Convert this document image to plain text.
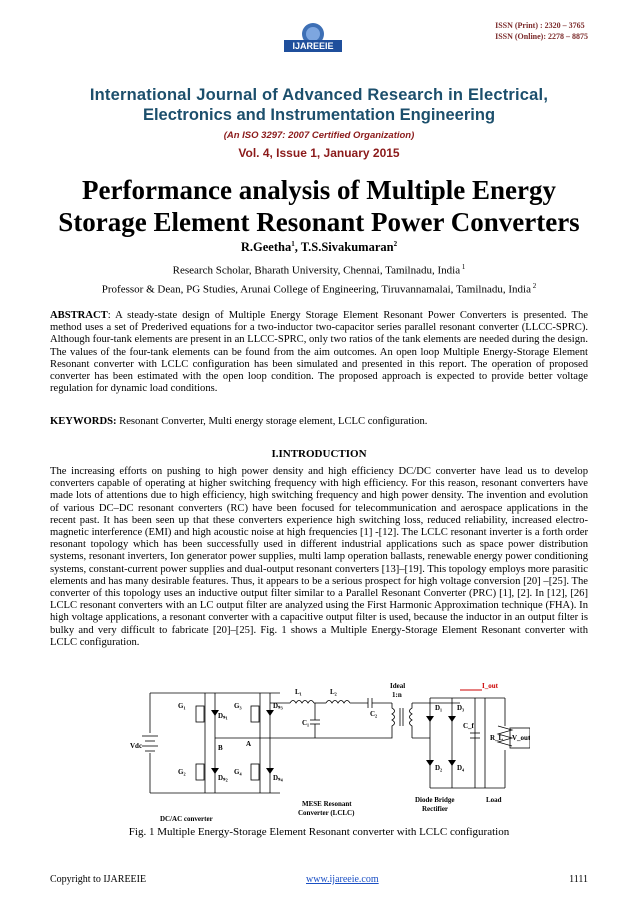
ISSN (Print) : 2320 – 3765
ISSN (Online): 2278 – 8875
IJAREEIE
International Journal of Advanced Research in Electrical,
Electronics and Instrumentation Engineering
(An ISO 3297: 2007 Certified Organization)
Vol. 4, Issue 1, January 2015
Performance analysis of Multiple Energy
Storage Element Resonant Power Converters
R.Geetha$^1$, T.S.Sivakumaran$^2$
Research Scholar, Bharath University, Chennai, Tamilnadu, India $^1$
Professor & Dean, PG Studies, Arunai College of Engineering, Tiruvannamalai, Tamilnadu, India $^2$
ABSTRACT: A steady-state design of Multiple Energy Storage Element Resonant Power Converters is presented. The method uses a set of Prederived equations for a two-inductor two-capacitor series parallel resonant converter (LLCC-SPRC). Although four-tank elements are present in an LLCC-SPRC, only two ratios of the tank elements are needed during the design. The values of the four-tank elements can be found from the aim outcomes. An open loop Multiple Energy-Storage Element Resonant converter with LCLC configuration has been simulated and presented in this report. The operation of proposed converter has been estimated with the open loop condition. The proposed approach is expected to provide better voltage regulation for dynamic load conditions.
KEYWORDS: Resonant Converter, Multi energy storage element, LCLC configuration.
I.INTRODUCTION
The increasing efforts on pushing to high power density and high efficiency DC/DC converter have lead us to develop converters capable of operating at higher switching frequency with high efficiency. For this reason, resonant converters have made lots of attentions due to high efficiency, high switching frequency and high power density. The invention and evolution of various DC–DC resonant converters (RC) have been focused for telecommunication and aerospace applications in the recent past. It has been seen up that these converters experience high switching loss, reduced reliability, increased electro-magnetic interference (EMI) and high acoustic noise at high frequencies [1] -[12]. The LCLC resonant inverter is a forth order resonant topology which has been successfully used in different industrial applications such as space power distribution systems, resonant inverters, Ion generator power supplies, multi lamp operation ballasts, renewable energy power conditioning systems, constant-current power supplies and dual-output resonant converters [13]–[19]. This topology employs more parasitic elements and has many desirable features. Thus, it appears to be a serious prospect for high voltage conversion [20] –[25]. The converter of this topology uses an inductive output filter similar to a Parallel Resonant Converter (PRC) [1], [2]. In [12], [26] LCLC resonant converters with an LC output filter are analyzed using the First Harmonic Approximation technique (FHA). In high voltage applications, a resonant converter with a capacitive output filter is used, because the inductor in an output filter is bulky and very difficult to fabricate [20]–[25]. Fig. 1 shows a Multiple Energy-Storage Element Resonant converter with LCLC configuration.
G₁
Dₛ₁
G₃	Dₛ₃
G₂
Dₛ₂
G₄
Dₛ₄
Vdc	A
B
L₁	L₂
C₁
C₂
Ideal
1:n
D₁ D₃
D₂ D₄
C_f
R_L V_out
I_out
Load
MESE Resonant
Converter (LCLC)
Diode Bridge
Rectifier
DC/AC converter
Fig. 1 Multiple Energy-Storage Element Resonant converter with LCLC configuration
Copyright to IJAREEIE	www.ijareeie.com	1111
